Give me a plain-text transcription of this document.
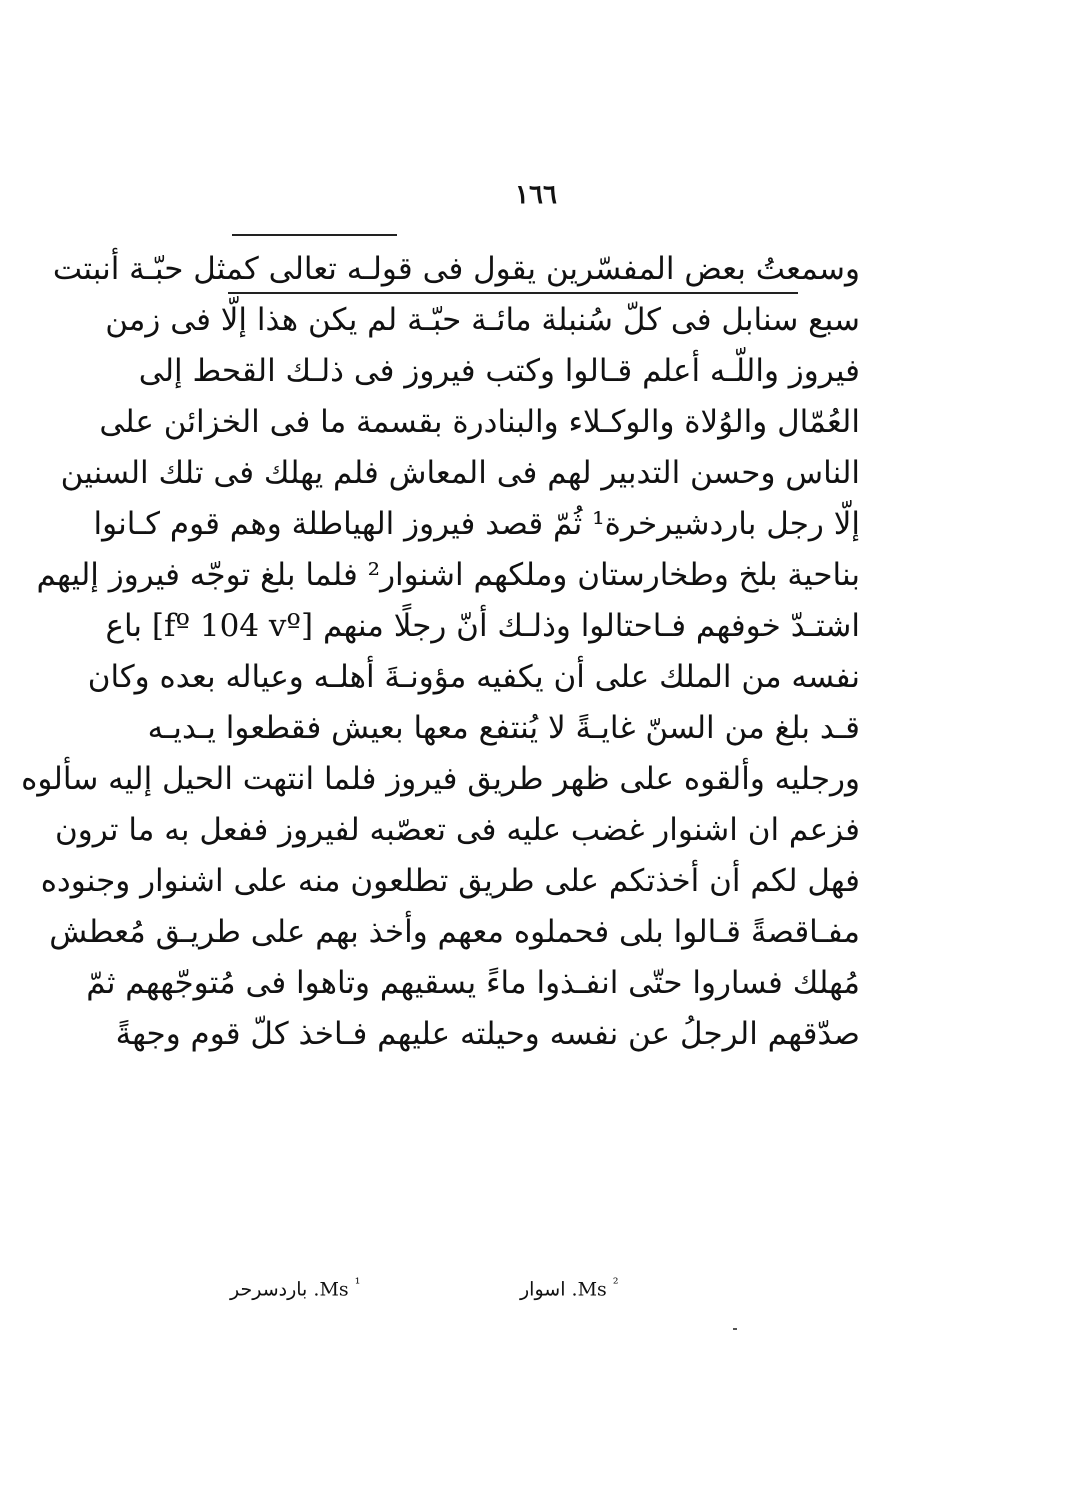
١٦٦
وسمعتُ بعض المفسّرين يقول فى قولـه تعالى كمثل حبّـة أنبتت
سبع سنابل فى كلّ سُنبلة مائـة حبّـة لم يكن هذا إلّا فى زمن
فيروز واللّـه أعلم قـالوا وكتب فيروز فى ذلـك القحط إلى
العُمّال والوُلاة والوكـلاء والبنادرة بقسمة ما فى الخزائن على
الناس وحسن التدبير لهم فى المعاش فلم يهلك فى تلك السنين
إلّا رجل باردشيرخرة¹ ثُمّ قصد فيروز الهياطلة وهم قوم كـانوا
بناحية بلخ وطخارستان وملكهم اشنوار² فلما بلغ توجّه فيروز إليهم
اشتـدّ خوفهم فـاحتالوا وذلـك أنّ رجلًا منهم [fº 104 vº] باع
نفسه من الملك على أن يكفيه مؤونـةَ أهلـه وعياله بعده وكان
قـد بلغ من السنّ غايـةً لا يُنتفع معها بعيش فقطعوا يـديـه
ورجليه وألقوه على ظهر طريق فيروز فلما انتهت الحيل إليه سألوه
فزعم ان اشنوار غضب عليه فى تعصّبه لفيروز ففعل به ما ترون
فهل لكم أن أخذتكم على طريق تطلعون منه على اشنوار وجنوده
مفـاقصةً قـالوا بلى فحملوه معهم وأخذ بهم على طريـق مُعطش
مُهلك فساروا حتّى انفـذوا ماءً يسقيهم وتاهوا فى مُتوجّههم ثمّ
صدّقهم الرجلُ عن نفسه وحيلته عليهم فـاخذ كلّ قوم وجهةً
$^{^2}$ Ms. اسوار
$^{^1}$ Ms. باردسرحر
